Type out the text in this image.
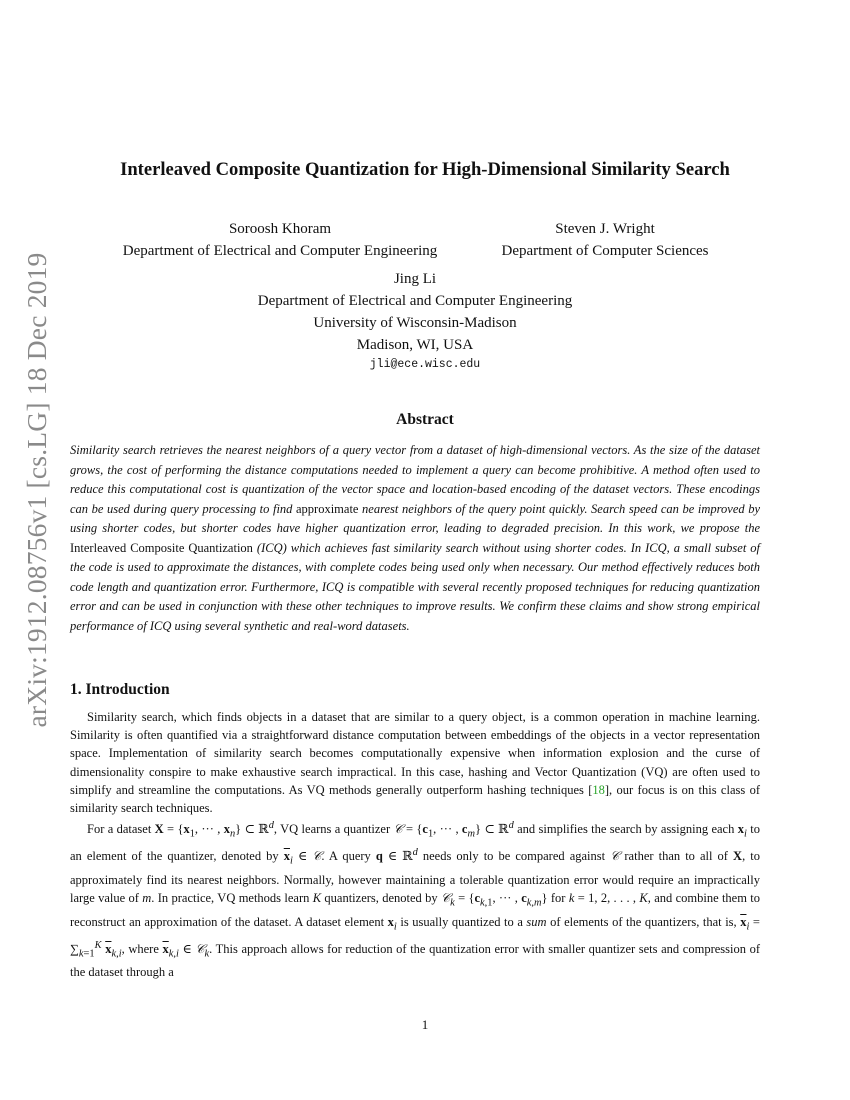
arXiv:1912.08756v1 [cs.LG] 18 Dec 2019
Interleaved Composite Quantization for High-Dimensional Similarity Search
Soroosh Khoram
Department of Electrical and Computer Engineering
Steven J. Wright
Department of Computer Sciences
Jing Li
Department of Electrical and Computer Engineering
University of Wisconsin-Madison
Madison, WI, USA
jli@ece.wisc.edu
Abstract
Similarity search retrieves the nearest neighbors of a query vector from a dataset of high-dimensional vectors. As the size of the dataset grows, the cost of performing the distance computations needed to implement a query can become prohibitive. A method often used to reduce this computational cost is quantization of the vector space and location-based encoding of the dataset vectors. These encodings can be used during query processing to find approximate nearest neighbors of the query point quickly. Search speed can be improved by using shorter codes, but shorter codes have higher quantization error, leading to degraded precision. In this work, we propose the Interleaved Composite Quantization (ICQ) which achieves fast similarity search without using shorter codes. In ICQ, a small subset of the code is used to approximate the distances, with complete codes being used only when necessary. Our method effectively reduces both code length and quantization error. Furthermore, ICQ is compatible with several recently proposed techniques for reducing quantization error and can be used in conjunction with these other techniques to improve results. We confirm these claims and show strong empirical performance of ICQ using several synthetic and real-word datasets.
1. Introduction

Similarity search, which finds objects in a dataset that are similar to a query object, is a common operation in machine learning. Similarity is often quantified via a straightforward distance computation between embeddings of the objects in a vector representation space. Implementation of similarity search becomes computationally expensive when information explosion and the curse of dimensionality conspire to make exhaustive search impractical. In this case, hashing and Vector Quantization (VQ) are often used to simplify and streamline the computations. As VQ methods generally outperform hashing techniques [18], our focus is on this class of similarity search techniques.

For a dataset $X = \{x_1$, ··· , $x_n$} ⊂ ℝ$^d$, VQ learns a quantizer 𝒞 = {$c_1$, ··· , $c_m$} ⊂ ℝ$^d$ and simplifies the search by assigning each $x_i$ to an element of the quantizer, denoted by $\overline{x}_i$ ∈ 𝒞. A query q ∈ ℝ$^d$ needs only to be compared against 𝒞 rather than to all of X, to approximately find its nearest neighbors. Normally, however maintaining a tolerable quantization error would require an impractically large value of m. In practice, VQ methods learn K quantizers, denoted by 𝒞$_k$ = {$c_{k,1}$, ··· , $c_{k,m}$} for k = 1, 2, . . . , K, and combine them to reconstruct an approximation of the dataset. A dataset element $x_i$ is usually quantized to a sum of elements of the quantizers, that is, $\overline{x}_i = \sum_{k=1}^K$ $\overline{x}_{k,i}$, where $\overline{x}_{k,i}$ ∈ 𝒞$_k$. This approach allows for reduction of the quantization error with smaller quantizer sets and compression of the dataset through a

1
